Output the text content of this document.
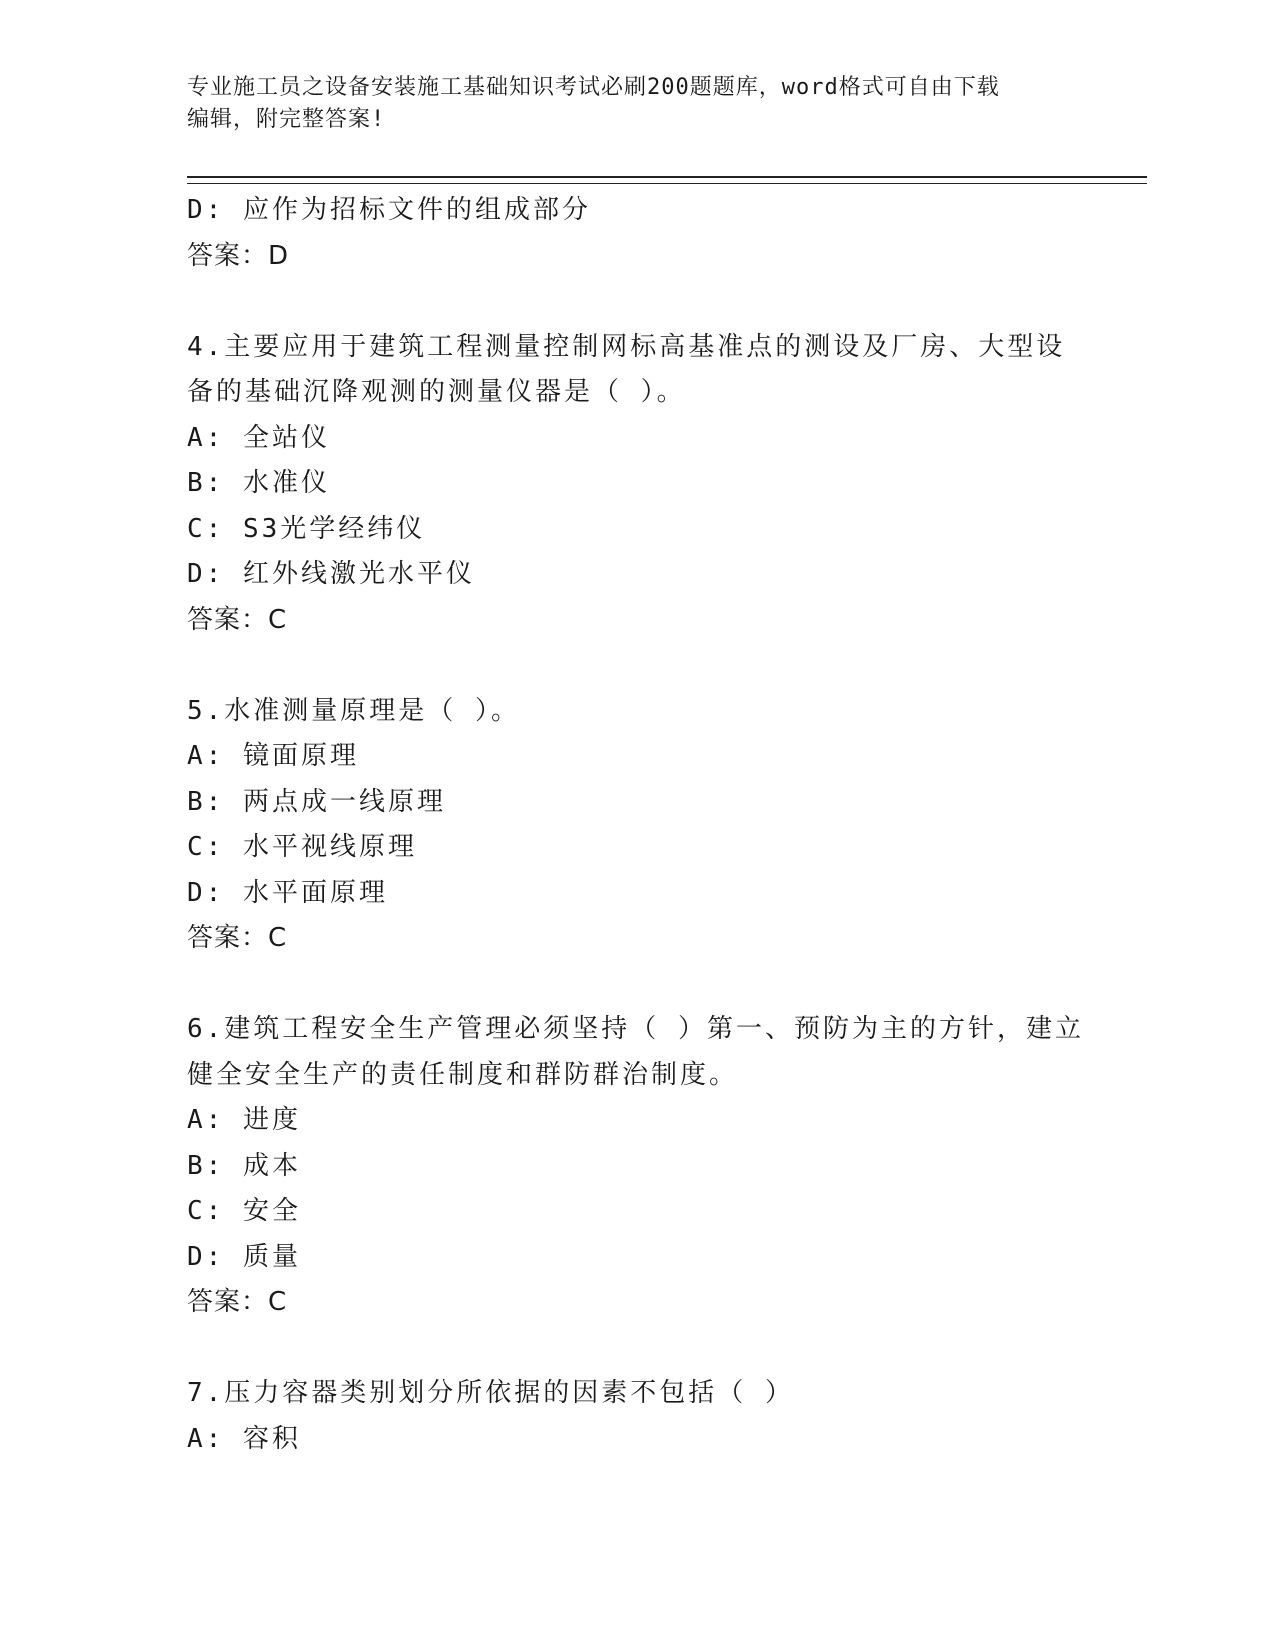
专业施工员之设备安装施工基础知识考试必刷200题题库，word格式可自由下载
编辑，附完整答案!
D: 应作为招标文件的组成部分
答案：D
4.主要应用于建筑工程测量控制网标高基准点的测设及厂房、大型设
备的基础沉降观测的测量仪器是（ ）。
A: 全站仪
B: 水准仪
C: S3光学经纬仪
D: 红外线激光水平仪
答案：C
5.水准测量原理是（ ）。
A: 镜面原理
B: 两点成一线原理
C: 水平视线原理
D: 水平面原理
答案：C
6.建筑工程安全生产管理必须坚持（ ）第一、预防为主的方针，建立
健全安全生产的责任制度和群防群治制度。
A: 进度
B: 成本
C: 安全
D: 质量
答案：C
7.压力容器类别划分所依据的因素不包括（ ）
A: 容积
